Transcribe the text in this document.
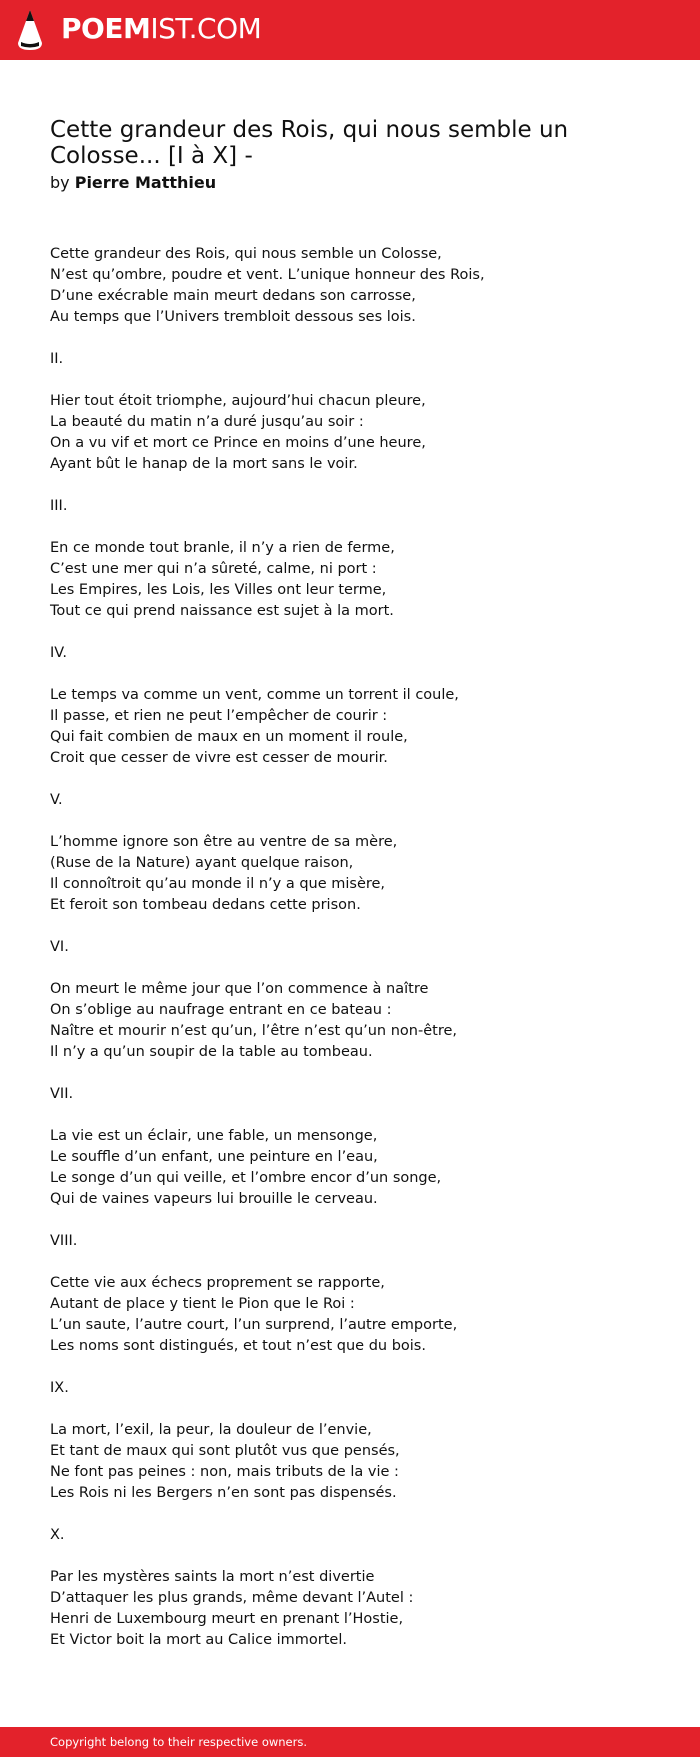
POEMIST.COM
Cette grandeur des Rois, qui nous semble un Colosse... [I à X] -
by Pierre Matthieu
Cette grandeur des Rois, qui nous semble un Colosse,
N’est qu’ombre, poudre et vent. L’unique honneur des Rois,
D’une exécrable main meurt dedans son carrosse,
Au temps que l’Univers trembloit dessous ses lois.
II.
Hier tout étoit triomphe, aujourd’hui chacun pleure,
La beauté du matin n’a duré jusqu’au soir :
On a vu vif et mort ce Prince en moins d’une heure,
Ayant bût le hanap de la mort sans le voir.
III.
En ce monde tout branle, il n’y a rien de ferme,
C’est une mer qui n’a sûreté, calme, ni port :
Les Empires, les Lois, les Villes ont leur terme,
Tout ce qui prend naissance est sujet à la mort.
IV.
Le temps va comme un vent, comme un torrent il coule,
Il passe, et rien ne peut l’empêcher de courir :
Qui fait combien de maux en un moment il roule,
Croit que cesser de vivre est cesser de mourir.
V.
L’homme ignore son être au ventre de sa mère,
(Ruse de la Nature) ayant quelque raison,
Il connoîtroit qu’au monde il n’y a que misère,
Et feroit son tombeau dedans cette prison.
VI.
On meurt le même jour que l’on commence à naître
On s’oblige au naufrage entrant en ce bateau :
Naître et mourir n’est qu’un, l’être n’est qu’un non-être,
Il n’y a qu’un soupir de la table au tombeau.
VII.
La vie est un éclair, une fable, un mensonge,
Le souffle d’un enfant, une peinture en l’eau,
Le songe d’un qui veille, et l’ombre encor d’un songe,
Qui de vaines vapeurs lui brouille le cerveau.
VIII.
Cette vie aux échecs proprement se rapporte,
Autant de place y tient le Pion que le Roi :
L’un saute, l’autre court, l’un surprend, l’autre emporte,
Les noms sont distingués, et tout n’est que du bois.
IX.
La mort, l’exil, la peur, la douleur de l’envie,
Et tant de maux qui sont plutôt vus que pensés,
Ne font pas peines : non, mais tributs de la vie :
Les Rois ni les Bergers n’en sont pas dispensés.
X.
Par les mystères saints la mort n’est divertie
D’attaquer les plus grands, même devant l’Autel :
Henri de Luxembourg meurt en prenant l’Hostie,
Et Victor boit la mort au Calice immortel.
Copyright belong to their respective owners.
